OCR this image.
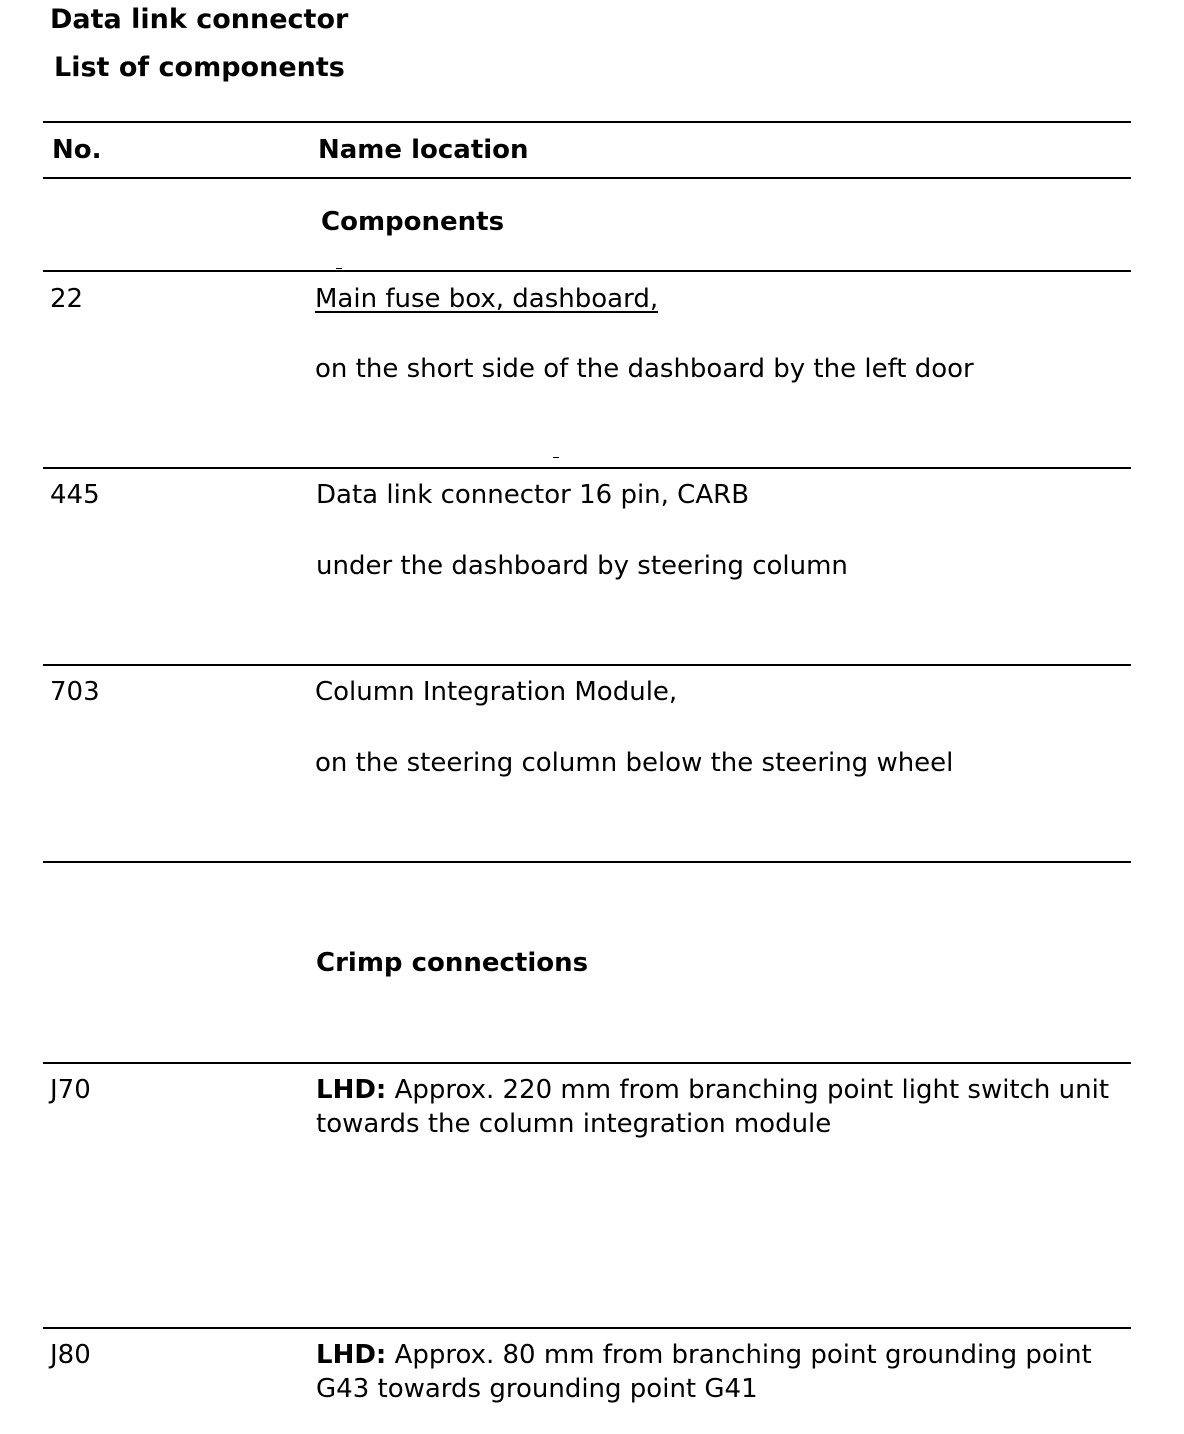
Data link connector
List of components
No.	Name location
Components
22	Main fuse box, dashboard,
on the short side of the dashboard by the left door
445	Data link connector 16 pin, CARB
under the dashboard by steering column
703	Column Integration Module,
on the steering column below the steering wheel
Crimp connections
J70	LHD: Approx. 220 mm from branching point light switch unit towards the column integration module
J80	LHD: Approx. 80 mm from branching point grounding point G43 towards grounding point G41
